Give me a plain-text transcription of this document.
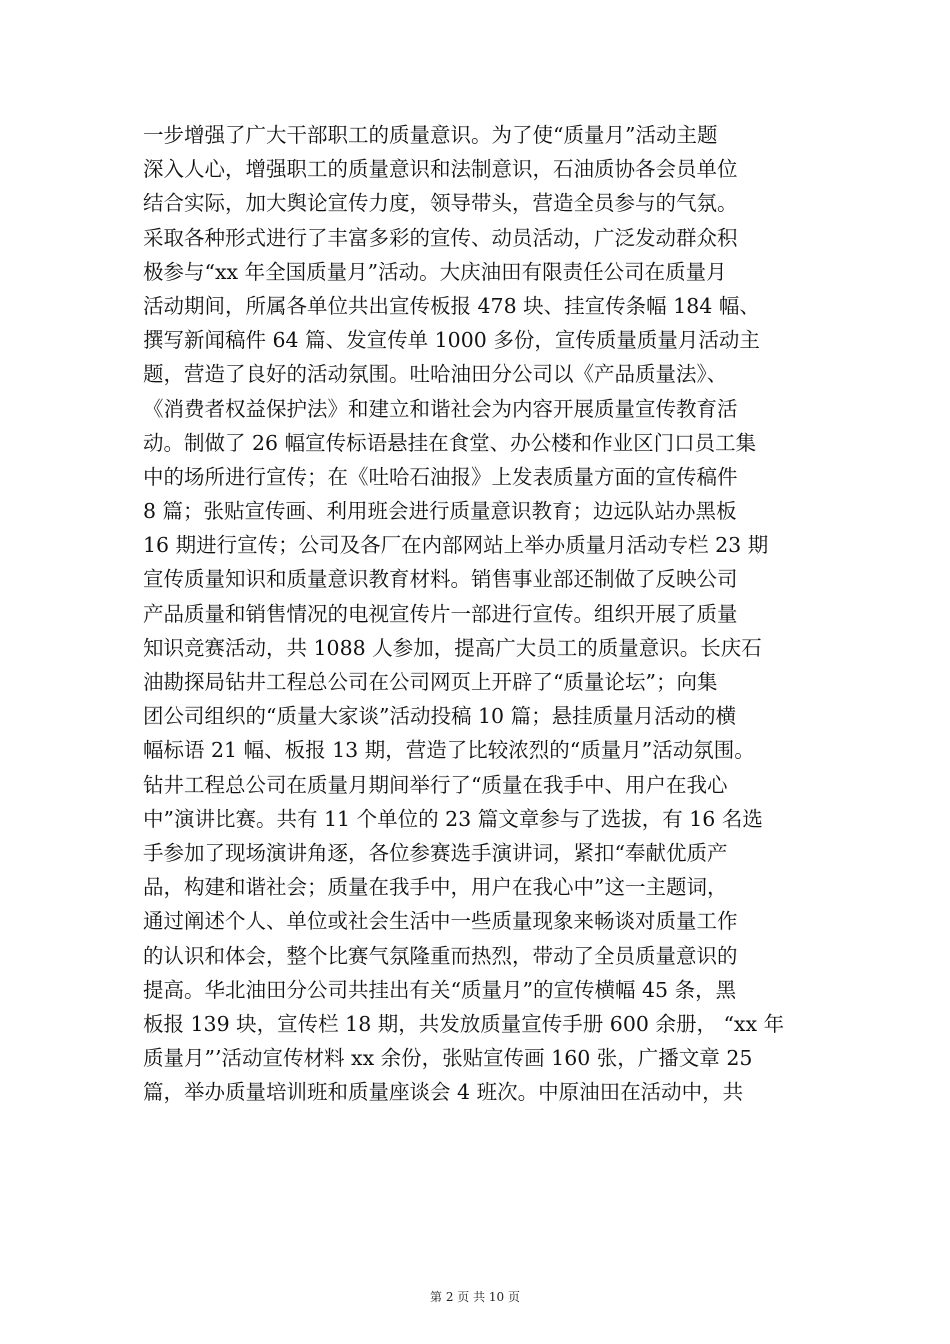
一步增强了广大干部职工的质量意识。为了使“质量月”活动主题
深入人心，增强职工的质量意识和法制意识，石油质协各会员单位
结合实际，加大舆论宣传力度，领导带头，营造全员参与的气氛。
采取各种形式进行了丰富多彩的宣传、动员活动，广泛发动群众积
极参与“xx 年全国质量月”活动。大庆油田有限责任公司在质量月
活动期间，所属各单位共出宣传板报 478 块、挂宣传条幅 184 幅、
撰写新闻稿件 64 篇、发宣传单 1000 多份，宣传质量质量月活动主
题，营造了良好的活动氛围。吐哈油田分公司以《产品质量法》、
《消费者权益保护法》和建立和谐社会为内容开展质量宣传教育活
动。制做了 26 幅宣传标语悬挂在食堂、办公楼和作业区门口员工集
中的场所进行宣传；在《吐哈石油报》上发表质量方面的宣传稿件
8 篇；张贴宣传画、利用班会进行质量意识教育；边远队站办黑板
16 期进行宣传；公司及各厂在内部网站上举办质量月活动专栏 23 期
宣传质量知识和质量意识教育材料。销售事业部还制做了反映公司
产品质量和销售情况的电视宣传片一部进行宣传。组织开展了质量
知识竞赛活动，共 1088 人参加，提高广大员工的质量意识。长庆石
油勘探局钻井工程总公司在公司网页上开辟了“质量论坛”；向集
团公司组织的“质量大家谈”活动投稿 10 篇；悬挂质量月活动的横
幅标语 21 幅、板报 13 期，营造了比较浓烈的“质量月”活动氛围。
钻井工程总公司在质量月期间举行了“质量在我手中、用户在我心
中”演讲比赛。共有 11 个单位的 23 篇文章参与了选拔，有 16 名选
手参加了现场演讲角逐，各位参赛选手演讲词，紧扣“奉献优质产
品，构建和谐社会；质量在我手中，用户在我心中”这一主题词，
通过阐述个人、单位或社会生活中一些质量现象来畅谈对质量工作
的认识和体会，整个比赛气氛隆重而热烈，带动了全员质量意识的
提高。华北油田分公司共挂出有关“质量月”的宣传横幅 45 条，黑
板报 139 块，宣传栏 18 期，共发放质量宣传手册 600 余册， “xx 年
质量月”’活动宣传材料 xx 余份，张贴宣传画 160 张，广播文章 25
篇，举办质量培训班和质量座谈会 4 班次。中原油田在活动中，共
第 2 页 共 10 页
